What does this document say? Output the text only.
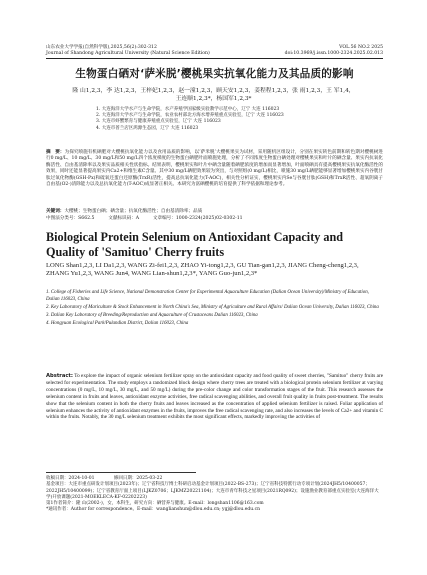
山东农业大学学报(自然科学版),2025,56(2):302-312	VOL.56 NO.2 2025
Journal of Shandong Agricultural University (Natural Science Edition)	doi:10.3969/j.issn.1000-2324.2025.02.013
生物蛋白硒对‘萨米脱’樱桃果实抗氧化能力及其品质的影响
隆 山1,2,3，李 达1,2,3，王梓妃1,2,3，赵一潼1,2,3，顾天安1,2,3，姜程程1,2,3，张 雨1,2,3，王 军1,4，王连顺1,2,3*，杨国军1,2,3*
1. 大连海洋大学水产与生命学院，水产养殖学国家级实验教学示范中心，辽宁 大连 116023
2. 大连海洋大学水产与生命学院，农业农村部北方海水增养殖重点实验室，辽宁 大连 116023
3. 大连市虾蟹繁育与健康养殖重点实验室，辽宁 大连 116023
4. 大连市普兰店区鸿源生态园，辽宁 大连 116023
摘　要：为探究喷施有机硒肥对大樱桃抗氧化能力以及食用品质的影响，以‘萨米脱’大樱桃果实为试材，采用随机区组设计，分别在果实转色前期和转色期对樱桃树进行0 mg/L、10 mg/L、30 mg/L和50 mg/L四个浓度梯度的生物蛋白硒肥叶面喷施处理，分析了不同浓度生物蛋白硒处理对樱桃果实和叶片的硒含量、果实内抗氧化酶活性、自由基清除率以及果实品质相关性状指标。结果表明，樱桃果实和叶片中硒含量随着硒肥浓度的增加而显著增加，叶面喷硒具有提高樱桃果实抗氧化酶活性的效果，同时还能显著提高果实内Ca2+和维生素C含量。其中30 mg/L硒肥效果较为突出，与对照组(0 mg/L)相比，喷施30 mg/L硒肥能够显著增加樱桃果实内谷胱甘肽过氧化物酶(GSH-Px)和硫氧还蛋白还原酶(TrxR)活性，提高总抗氧化能力(T-AOC)，相关性分析证实，樱桃果实内Se与谷胱甘肽(GSH)和TrxR活性、超氧阴离子自由基(O2-)清除能力以及总抗氧化能力(T-AOC)成显著正相关。本研究为富硒樱桃的培育提供了科学依据和理论参考。
关键词：大樱桃；生物蛋白硒；硒含量；抗氧化酶活性；自由基清除率；品质
中图法分类号：S662.5　　　文献标识码：A　　　文章编号：1000-2324(2025)02-0302-11
Biological Protein Selenium on Antioxidant Capacity and Quality of 'Samituo' Cherry fruits
LONG Shan1,2,3, LI Da1,2,3, WANG Zi-fei1,2,3, ZHAO Yi-tong1,2,3, GU Tian-gan1,2,3, JIANG Cheng-cheng1,2,3, ZHANG Yu1,2,3, WANG Jun4, WANG Lian-shun1,2,3*, YANG Guo-jun1,2,3*

1. College of Fisheries and Life Science, National Demonstration Center for Experimental Aquaculture Education (Dalian Ocean University)/Ministry of Education, Dalian 116023, China

2. Key Laboratory of Mariculture & Stock Enhancement in North China's Sea, Ministry of Agriculture and Rural Affairs/ Dalian Ocean University, Dalian 116023, China

3. Dalian Key Laboratory of Breeding/Reproduction and Aquaculture of Crustaceans Dalian 116023, China

4. Hongyuan Ecological Park/Pulandian District, Dalian 116023, China

Abstract: To explore the impact of organic selenium fertilizer spray on the antioxidant capacity and food quality of sweet cherries, "Samituo" cherry fruits are selected for experimentation. The study employs a randomized block design where cherry trees are treated with a biological protein selenium fertilizer at varying concentrations (0 mg/L, 10 mg/L, 30 mg/L, and 50 mg/L) during the pre-color change and color transformation stages of the fruit. This research assesses the selenium content in fruits and leaves, antioxidant enzyme activities, free radical scavenging abilities, and overall fruit quality in fruits post-treatment. The results show that the selenium content in both the cherry fruits and leaves increased as the concentration of applied selenium fertilizer is raised. Foliar application of selenium enhances the activity of antioxidant enzymes in the fruits, improves the free radical scavenging rate, and also increases the levels of Ca2+ and vitamin C within the fruits. Notably, the 30 mg/L selenium treatment exhibits the most significant effects, markedly improving the activities of
收稿日期：2024-10-01	修回日期：2025-03-22
基金项目：大连市重点研发计划项目(2023年)；辽宁省科技厅博士科研启动基金计划项目(2022-BS-273)；辽宁省科技特派行动专项计划(2024JH5/10400057；2022JH5/10400099)；辽宁省教育厅面上项目(LJKZ0706；LJKMZ20221104)；大连市青年科技之星项目(2021RQ092)；设施渔业教育部重点实验室(大连海洋大学)开放课题(2021-MOEKLECA-KF-02202223)
第1作者简介：隆 山(2002-)，女，本科生，研究方向：硒营养与健康。E-mail：longshan1106@163.com
*通讯作者：Author for correspondence。E-mail：wanglianshun@dlou.edu.cn; ygj@dlou.edu.cn
